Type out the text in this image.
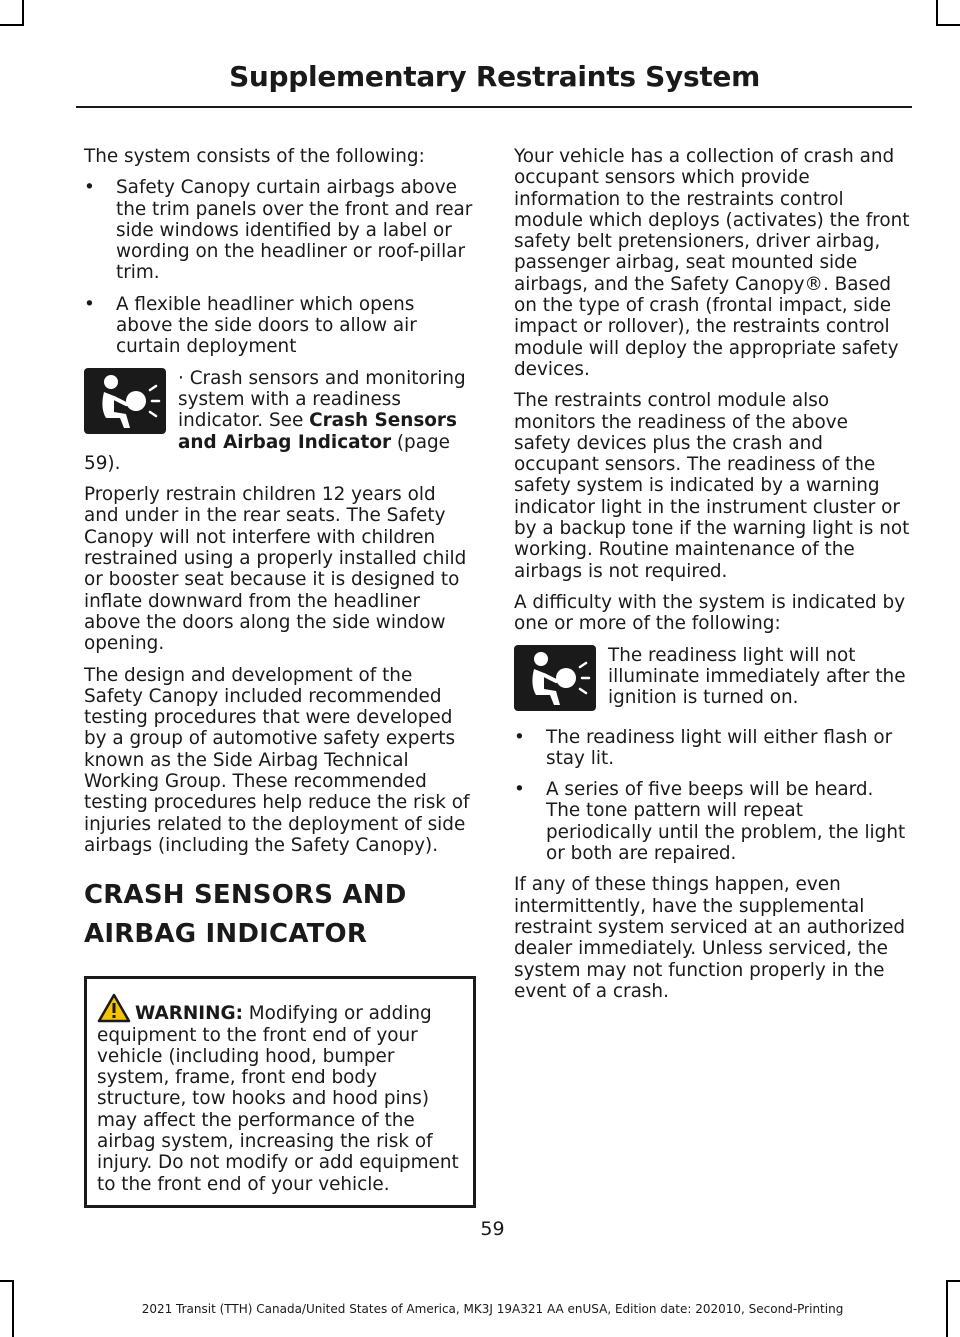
Supplementary Restraints System

The system consists of the following:

• Safety Canopy curtain airbags above the trim panels over the front and rear side windows identified by a label or wording on the headliner or roof-pillar trim.
• A flexible headliner which opens above the side doors to allow air curtain deployment
· Crash sensors and monitoring system with a readiness indicator. See Crash Sensors and Airbag Indicator (page 59).

Properly restrain children 12 years old and under in the rear seats. The Safety Canopy will not interfere with children restrained using a properly installed child or booster seat because it is designed to inflate downward from the headliner above the doors along the side window opening.

The design and development of the Safety Canopy included recommended testing procedures that were developed by a group of automotive safety experts known as the Side Airbag Technical Working Group. These recommended testing procedures help reduce the risk of injuries related to the deployment of side airbags (including the Safety Canopy).

CRASH SENSORS AND
AIRBAG INDICATOR

WARNING: Modifying or adding equipment to the front end of your vehicle (including hood, bumper system, frame, front end body structure, tow hooks and hood pins) may affect the performance of the airbag system, increasing the risk of injury. Do not modify or add equipment to the front end of your vehicle.

Your vehicle has a collection of crash and occupant sensors which provide information to the restraints control module which deploys (activates) the front safety belt pretensioners, driver airbag, passenger airbag, seat mounted side airbags, and the Safety Canopy®. Based on the type of crash (frontal impact, side impact or rollover), the restraints control module will deploy the appropriate safety devices.

The restraints control module also monitors the readiness of the above safety devices plus the crash and occupant sensors. The readiness of the safety system is indicated by a warning indicator light in the instrument cluster or by a backup tone if the warning light is not working. Routine maintenance of the airbags is not required.

A difficulty with the system is indicated by one or more of the following:

The readiness light will not illuminate immediately after the ignition is turned on.
• The readiness light will either flash or stay lit.
• A series of five beeps will be heard. The tone pattern will repeat periodically until the problem, the light or both are repaired.

If any of these things happen, even intermittently, have the supplemental restraint system serviced at an authorized dealer immediately. Unless serviced, the system may not function properly in the event of a crash.

59
2021 Transit (TTH) Canada/United States of America, MK3J 19A321 AA enUSA, Edition date: 202010, Second-Printing
